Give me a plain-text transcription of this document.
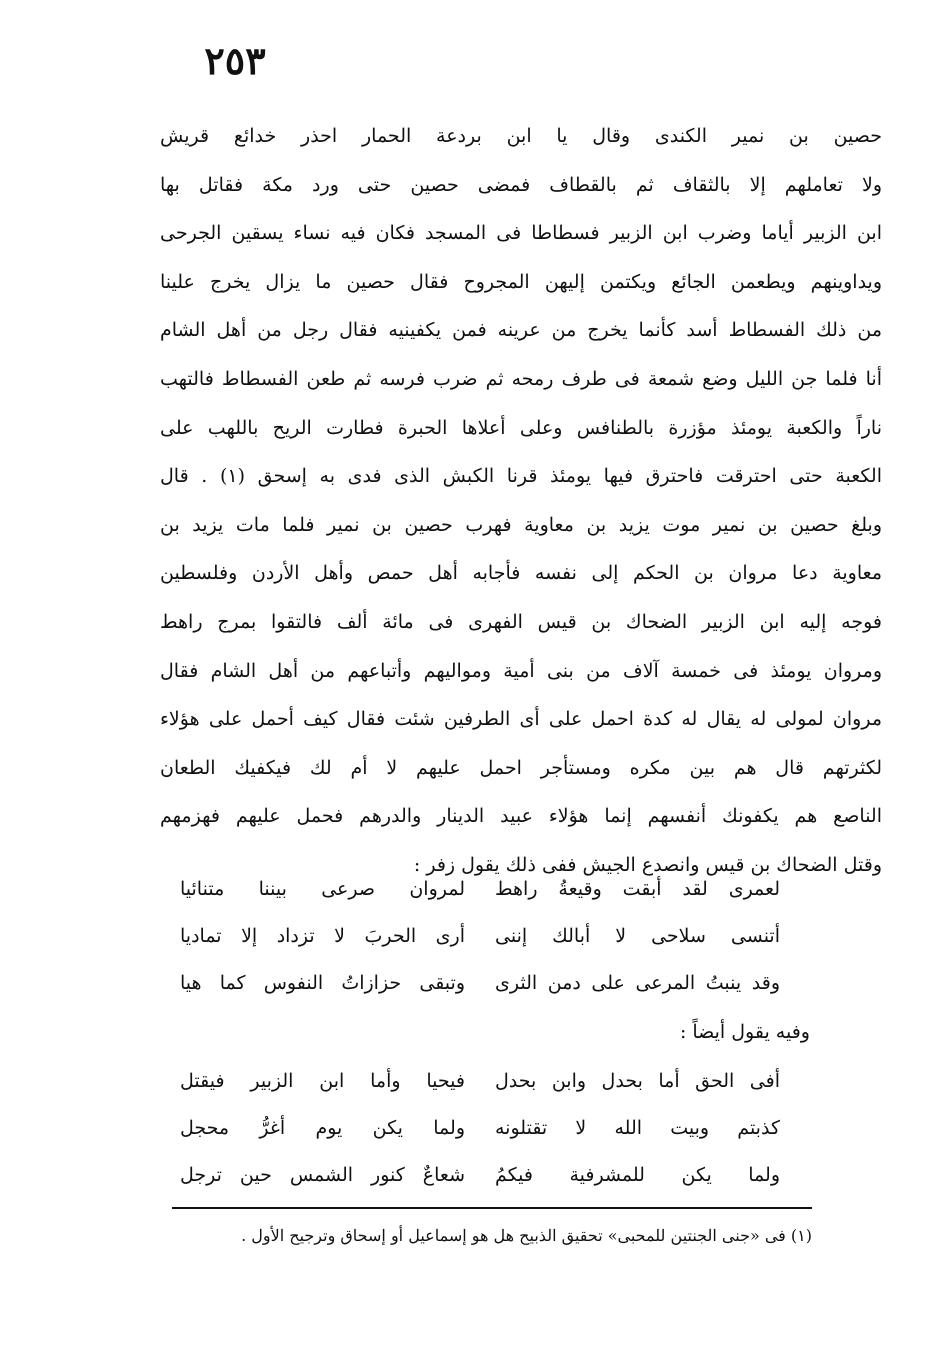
٢٥٣
حصين بن نمير الكندى وقال يا ابن بردعة الحمار احذر خدائع قريش
ولا تعاملهم إلا بالثقاف ثم بالقطاف فمضى حصين حتى ورد مكة فقاتل بها
ابن الزبير أياما وضرب ابن الزبير فسطاطا فى المسجد فكان فيه نساء يسقين الجرحى
ويداوينهم ويطعمن الجائع ويكتمن إليهن المجروح فقال حصين ما يزال يخرج علينا
من ذلك الفسطاط أسد كأنما يخرج من عرينه فمن يكفينيه فقال رجل من أهل الشام
أنا فلما جن الليل وضع شمعة فى طرف رمحه ثم ضرب فرسه ثم طعن الفسطاط فالتهب
ناراً والكعبة يومئذ مؤزرة بالطنافس وعلى أعلاها الحبرة فطارت الريح باللهب على
الكعبة حتى احترقت فاحترق فيها يومئذ قرنا الكبش الذى فدى به إسحق (١) . قال
وبلغ حصين بن نمير موت يزيد بن معاوية فهرب حصين بن نمير فلما مات يزيد بن
معاوية دعا مروان بن الحكم إلى نفسه فأجابه أهل حمص وأهل الأردن وفلسطين
فوجه إليه ابن الزبير الضحاك بن قيس الفهرى فى مائة ألف فالتقوا بمرج راهط
ومروان يومئذ فى خمسة آلاف من بنى أمية ومواليهم وأتباعهم من أهل الشام فقال
مروان لمولى له يقال له كدة احمل على أى الطرفين شئت فقال كيف أحمل على هؤلاء
لكثرتهم قال هم بين مكره ومستأجر احمل عليهم لا أم لك فيكفيك الطعان
الناصع هم يكفونك أنفسهم إنما هؤلاء عبيد الدينار والدرهم فحمل عليهم فهزمهم
وقتل الضحاك بن قيس وانصدع الجيش ففى ذلك يقول زفر :
لعمرى لقد أبقت وقيعةُ راهط
لمروان صرعى بيننا متنائيا
أتنسى سلاحى لا أبالك إننى
أرى الحربَ لا تزداد إلا تماديا
وقد ينبتُ المرعى على دمن الثرى
وتبقى حزازاتُ النفوس كما هيا
وفيه يقول أيضاً :
أفى الحق أما بحدل وابن بحدل
فيحيا وأما ابن الزبير فيقتل
كذبتم وبيت الله لا تقتلونه
ولما يكن يوم أغرُّ محجل
ولما يكن للمشرفية فيكمُ
شعاعٌ كنور الشمس حين ترجل
(١) فى «جنى الجنتين للمحبى» تحقيق الذبيح هل هو إسماعيل أو إسحاق وترجيح الأول .
